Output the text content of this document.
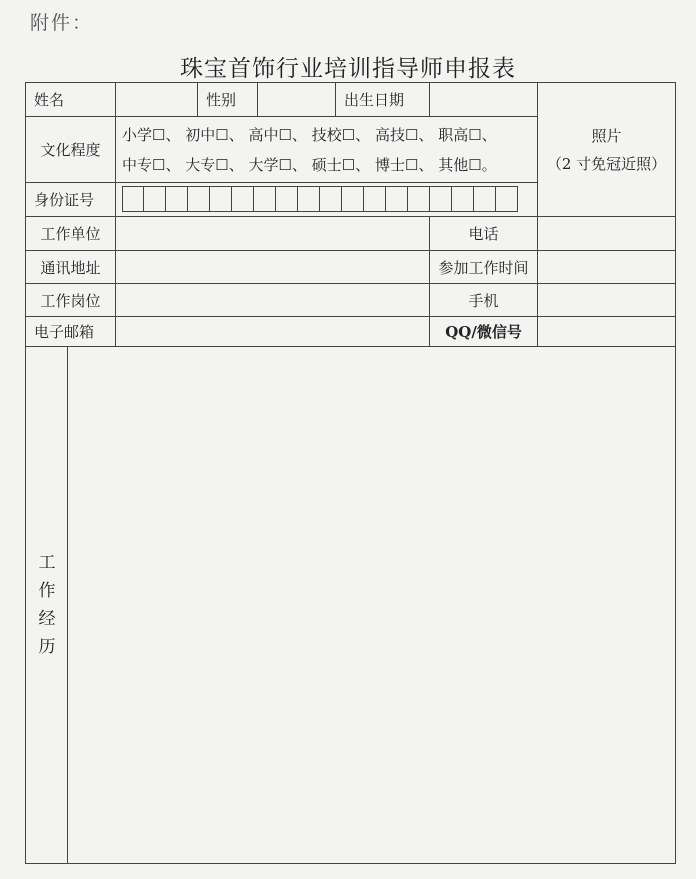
附件：
珠宝首饰行业培训指导师申报表
姓名			性别		出生日期		照片
（2 寸免冠近照）

文化程度		小学☐、 初中☐、 高中☐、 技校☐、 高技☐、 职高☐、 中专☐、 大专☐、 大学☐、 硕士☐、 博士☐、 其他☐。					
身份证号							

工作单位						电话	
通讯地址						参加工作时间	
工作岗位						手机	
电子邮箱						QQ/微信号	

工作经历							
